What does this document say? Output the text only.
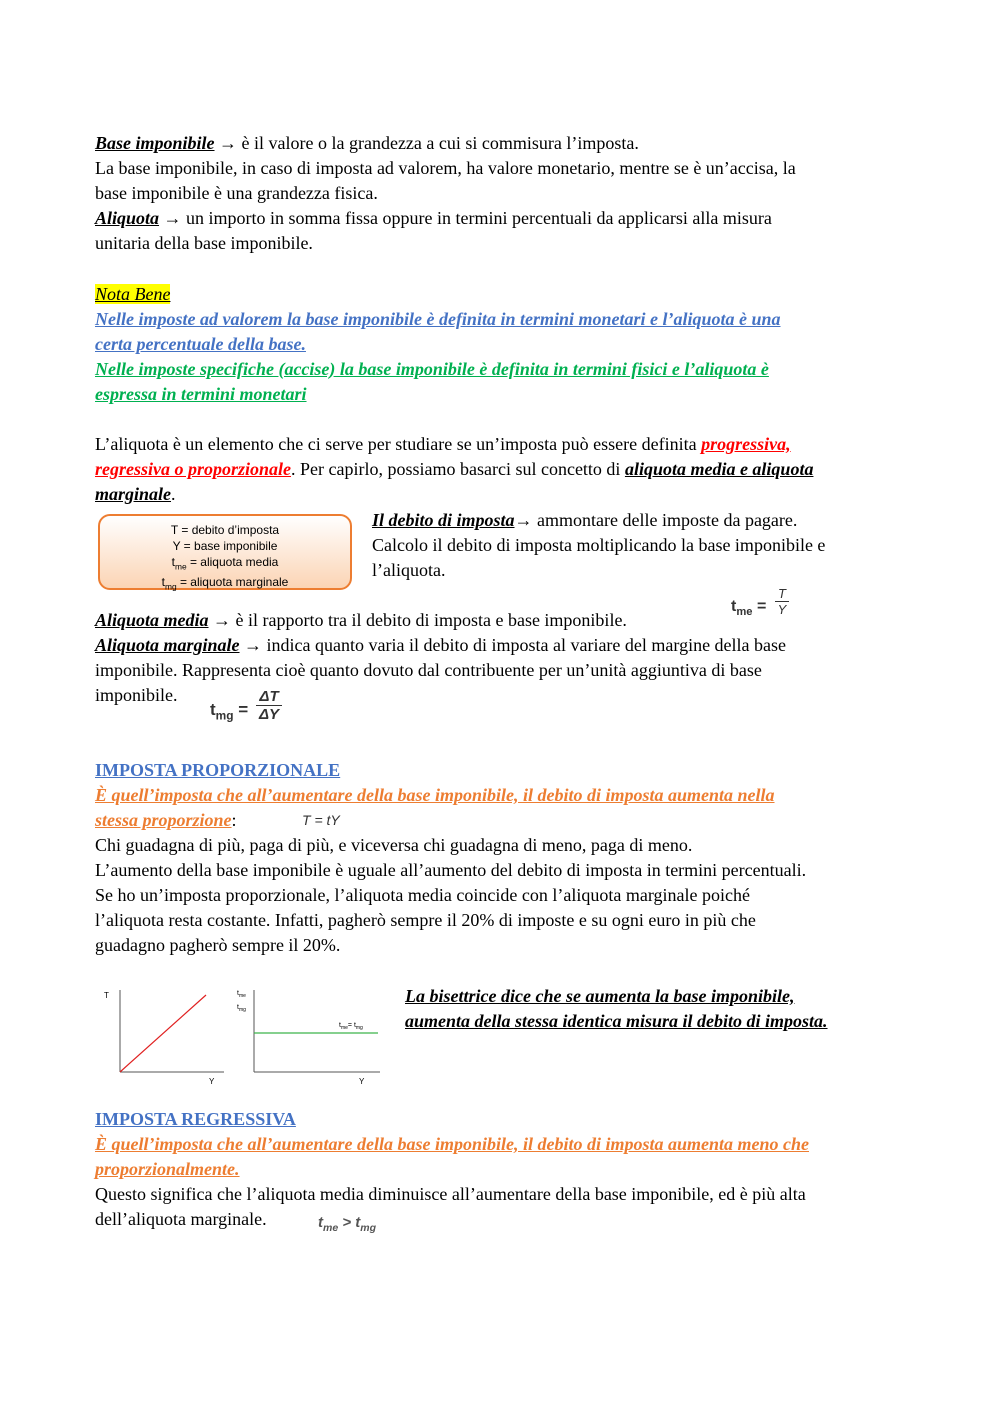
Base imponibile → è il valore o la grandezza a cui si commisura l’imposta.
La base imponibile, in caso di imposta ad valorem, ha valore monetario, mentre se è un’accisa, la
base imponibile è una grandezza fisica.
Aliquota → un importo in somma fissa oppure in termini percentuali da applicarsi alla misura
unitaria della base imponibile.
Nota Bene
Nelle imposte ad valorem la base imponibile è definita in termini monetari e l’aliquota è una
certa percentuale della base.
Nelle imposte specifiche (accise) la base imponibile è definita in termini fisici e l’aliquota è
espressa in termini monetari
L’aliquota è un elemento che ci serve per studiare se un’imposta può essere definita progressiva,
regressiva o proporzionale. Per capirlo, possiamo basarci sul concetto di aliquota media e aliquota
marginale.
T = debito d’imposta
Y = base imponibile
$t_{me}$ = aliquota media
$t_{mg}$ = aliquota marginale
Il debito di imposta→ ammontare delle imposte da pagare.
Calcolo il debito di imposta moltiplicando la base imponibile e
l’aliquota.
Aliquota media → è il rapporto tra il debito di imposta e base imponibile.
$t_{me}$ =
T
Y
Aliquota marginale → indica quanto varia il debito di imposta al variare del margine della base
imponibile. Rappresenta cioè quanto dovuto dal contribuente per un’unità aggiuntiva di base
imponibile.
$t_{mg}$ =
ΔT
ΔY
IMPOSTA PROPORZIONALE
È quell’imposta che all’aumentare della base imponibile, il debito di imposta aumenta nella
stessa proporzione:	T = tY
Chi guadagna di più, paga di più, e viceversa chi guadagna di meno, paga di meno.
L’aumento della base imponibile è uguale all’aumento del debito di imposta in termini percentuali.
Se ho un’imposta proporzionale, l’aliquota media coincide con l’aliquota marginale poiché
l’aliquota resta costante. Infatti, pagherò sempre il 20% di imposte e su ogni euro in più che
guadagno pagherò sempre il 20%.
T
Y
$t_{me}$
$t_{mg}$
$t_{me}= t_{mg}$
Y
La bisettrice dice che se aumenta la base imponibile,
aumenta della stessa identica misura il debito di imposta.
IMPOSTA REGRESSIVA
È quell’imposta che all’aumentare della base imponibile, il debito di imposta aumenta meno che
proporzionalmente.
Questo significa che l’aliquota media diminuisce all’aumentare della base imponibile, ed è più alta
dell’aliquota marginale.	$t_{me} > t_{mg}$
